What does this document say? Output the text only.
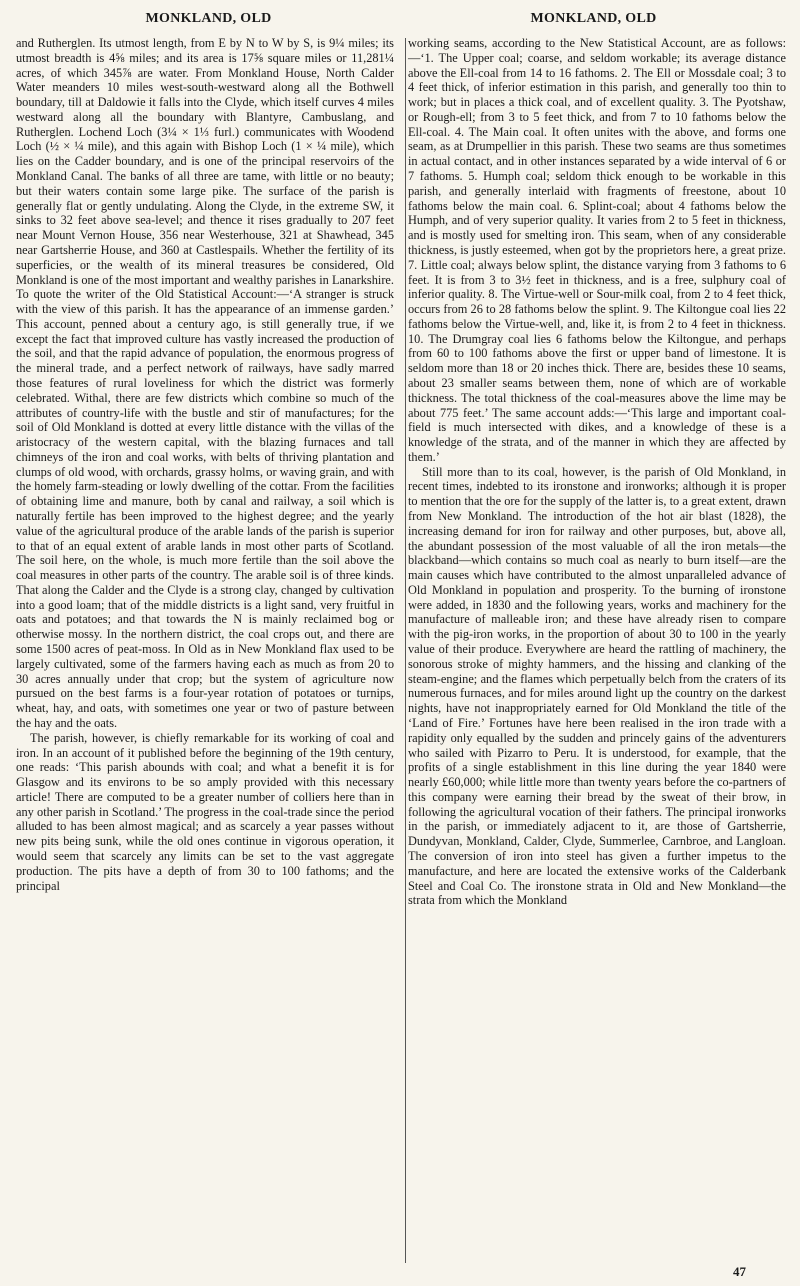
MONKLAND, OLD	MONKLAND, OLD

and Rutherglen. Its utmost length, from E by N to W by S, is 9¼ miles; its utmost breadth is 4⅝ miles; and its area is 17⅝ square miles or 11,281¼ acres, of which 345⅞ are water. From Monkland House, North Calder Water meanders 10 miles west-south-westward along all the Bothwell boundary, till at Daldowie it falls into the Clyde, which itself curves 4 miles westward along all the boundary with Blantyre, Cambuslang, and Rutherglen. Lochend Loch (3¼ × 1⅓ furl.) communicates with Woodend Loch (½ × ¼ mile), and this again with Bishop Loch (1 × ¼ mile), which lies on the Cadder boundary, and is one of the principal reservoirs of the Monkland Canal. The banks of all three are tame, with little or no beauty; but their waters contain some large pike. The surface of the parish is generally flat or gently undulating. Along the Clyde, in the extreme SW, it sinks to 32 feet above sea-level; and thence it rises gradually to 207 feet near Mount Vernon House, 356 near Westerhouse, 321 at Shawhead, 345 near Gartsherrie House, and 360 at Castlespails. Whether the fertility of its superficies, or the wealth of its mineral treasures be considered, Old Monkland is one of the most important and wealthy parishes in Lanarkshire. To quote the writer of the Old Statistical Account:—‘A stranger is struck with the view of this parish. It has the appearance of an immense garden.’ This account, penned about a century ago, is still generally true, if we except the fact that improved culture has vastly increased the production of the soil, and that the rapid advance of population, the enormous progress of the mineral trade, and a perfect network of railways, have sadly marred those features of rural loveliness for which the district was formerly celebrated. Withal, there are few districts which combine so much of the attributes of country-life with the bustle and stir of manufactures; for the soil of Old Monkland is dotted at every little distance with the villas of the aristocracy of the western capital, with the blazing furnaces and tall chimneys of the iron and coal works, with belts of thriving plantation and clumps of old wood, with orchards, grassy holms, or waving grain, and with the homely farm-steading or lowly dwelling of the cottar. From the facilities of obtaining lime and manure, both by canal and railway, a soil which is naturally fertile has been improved to the highest degree; and the yearly value of the agricultural produce of the arable lands of the parish is superior to that of an equal extent of arable lands in most other parts of Scotland. The soil here, on the whole, is much more fertile than the soil above the coal measures in other parts of the country. The arable soil is of three kinds. That along the Calder and the Clyde is a strong clay, changed by cultivation into a good loam; that of the middle districts is a light sand, very fruitful in oats and potatoes; and that towards the N is mainly reclaimed bog or otherwise mossy. In the northern district, the coal crops out, and there are some 1500 acres of peat-moss. In Old as in New Monkland flax used to be largely cultivated, some of the farmers having each as much as from 20 to 30 acres annually under that crop; but the system of agriculture now pursued on the best farms is a four-year rotation of potatoes or turnips, wheat, hay, and oats, with sometimes one year or two of pasture between the hay and the oats.

The parish, however, is chiefly remarkable for its working of coal and iron. In an account of it published before the beginning of the 19th century, one reads: ‘This parish abounds with coal; and what a benefit it is for Glasgow and its environs to be so amply provided with this necessary article! There are computed to be a greater number of colliers here than in any other parish in Scotland.’ The progress in the coal-trade since the period alluded to has been almost magical; and as scarcely a year passes without new pits being sunk, while the old ones continue in vigorous operation, it would seem that scarcely any limits can be set to the vast aggregate production. The pits have a depth of from 30 to 100 fathoms; and the principal

working seams, according to the New Statistical Account, are as follows:—‘1. The Upper coal; coarse, and seldom workable; its average distance above the Ell-coal from 14 to 16 fathoms. 2. The Ell or Mossdale coal; 3 to 4 feet thick, of inferior estimation in this parish, and generally too thin to work; but in places a thick coal, and of excellent quality. 3. The Pyotshaw, or Rough-ell; from 3 to 5 feet thick, and from 7 to 10 fathoms below the Ell-coal. 4. The Main coal. It often unites with the above, and forms one seam, as at Drumpellier in this parish. These two seams are thus sometimes in actual contact, and in other instances separated by a wide interval of 6 or 7 fathoms. 5. Humph coal; seldom thick enough to be workable in this parish, and generally interlaid with fragments of freestone, about 10 fathoms below the main coal. 6. Splint-coal; about 4 fathoms below the Humph, and of very superior quality. It varies from 2 to 5 feet in thickness, and is mostly used for smelting iron. This seam, when of any considerable thickness, is justly esteemed, when got by the proprietors here, a great prize. 7. Little coal; always below splint, the distance varying from 3 fathoms to 6 feet. It is from 3 to 3½ feet in thickness, and is a free, sulphury coal of inferior quality. 8. The Virtue-well or Sour-milk coal, from 2 to 4 feet thick, occurs from 26 to 28 fathoms below the splint. 9. The Kiltongue coal lies 22 fathoms below the Virtue-well, and, like it, is from 2 to 4 feet in thickness. 10. The Drumgray coal lies 6 fathoms below the Kiltongue, and perhaps from 60 to 100 fathoms above the first or upper band of limestone. It is seldom more than 18 or 20 inches thick. There are, besides these 10 seams, about 23 smaller seams between them, none of which are of workable thickness. The total thickness of the coal-measures above the lime may be about 775 feet.’ The same account adds:—‘This large and important coal-field is much intersected with dikes, and a knowledge of these is a knowledge of the strata, and of the manner in which they are affected by them.’

Still more than to its coal, however, is the parish of Old Monkland, in recent times, indebted to its ironstone and ironworks; although it is proper to mention that the ore for the supply of the latter is, to a great extent, drawn from New Monkland. The introduction of the hot air blast (1828), the increasing demand for iron for railway and other purposes, but, above all, the abundant possession of the most valuable of all the iron metals—the blackband—which contains so much coal as nearly to burn itself—are the main causes which have contributed to the almost unparalleled advance of Old Monkland in population and prosperity. To the burning of ironstone were added, in 1830 and the following years, works and machinery for the manufacture of malleable iron; and these have already risen to compare with the pig-iron works, in the proportion of about 30 to 100 in the yearly value of their produce. Everywhere are heard the rattling of machinery, the sonorous stroke of mighty hammers, and the hissing and clanking of the steam-engine; and the flames which perpetually belch from the craters of its numerous furnaces, and for miles around light up the country on the darkest nights, have not inappropriately earned for Old Monkland the title of the ‘Land of Fire.’ Fortunes have here been realised in the iron trade with a rapidity only equalled by the sudden and princely gains of the adventurers who sailed with Pizarro to Peru. It is understood, for example, that the profits of a single establishment in this line during the year 1840 were nearly £60,000; while little more than twenty years before the co-partners of this company were earning their bread by the sweat of their brow, in following the agricultural vocation of their fathers. The principal ironworks in the parish, or immediately adjacent to it, are those of Gartsherrie, Dundyvan, Monkland, Calder, Clyde, Summerlee, Carnbroe, and Langloan. The conversion of iron into steel has given a further impetus to the manufacture, and here are located the extensive works of the Calderbank Steel and Coal Co. The ironstone strata in Old and New Monkland—the strata from which the Monkland

47
